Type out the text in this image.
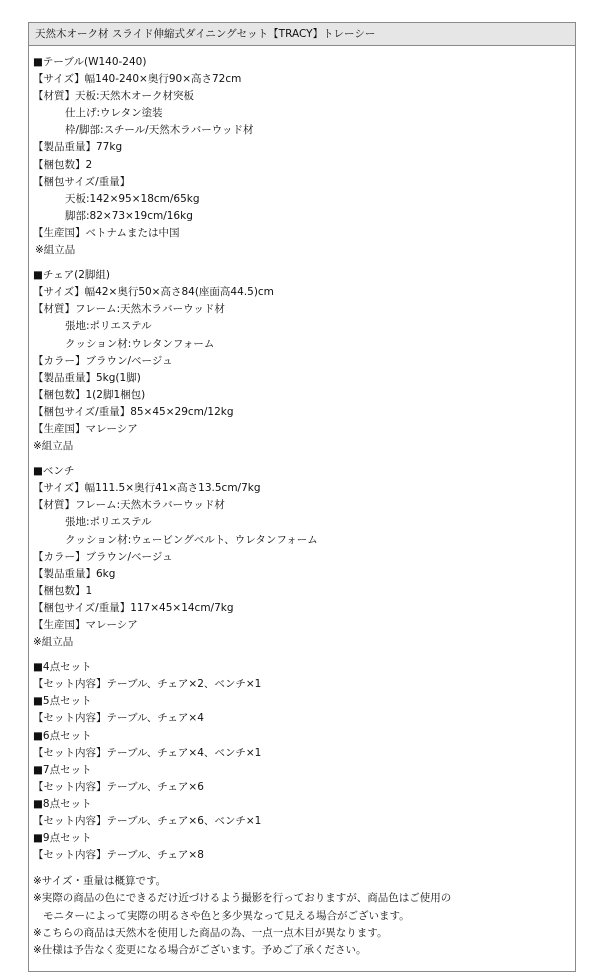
天然木オーク材 スライド伸縮式ダイニングセット【TRACY】トレーシー
■テーブル(W140-240)
【サイズ】幅140-240×奥行90×高さ72cm
【材質】天板:天然木オーク材突板
仕上げ:ウレタン塗装
枠/脚部:スチール/天然木ラバーウッド材
【製品重量】77kg
【梱包数】2
【梱包サイズ/重量】
天板:142×95×18cm/65kg
脚部:82×73×19cm/16kg
【生産国】ベトナムまたは中国
※組立品
■チェア(2脚組)
【サイズ】幅42×奥行50×高さ84(座面高44.5)cm
【材質】フレーム:天然木ラバーウッド材
張地:ポリエステル
クッション材:ウレタンフォーム
【カラー】ブラウン/ベージュ
【製品重量】5kg(1脚)
【梱包数】1(2脚1梱包)
【梱包サイズ/重量】85×45×29cm/12kg
【生産国】マレーシア
※組立品
■ベンチ
【サイズ】幅111.5×奥行41×高さ13.5cm/7kg
【材質】フレーム:天然木ラバーウッド材
張地:ポリエステル
クッション材:ウェービングベルト、ウレタンフォーム
【カラー】ブラウン/ベージュ
【製品重量】6kg
【梱包数】1
【梱包サイズ/重量】117×45×14cm/7kg
【生産国】マレーシア
※組立品
■4点セット
【セット内容】テーブル、チェア×2、ベンチ×1
■5点セット
【セット内容】テーブル、チェア×4
■6点セット
【セット内容】テーブル、チェア×4、ベンチ×1
■7点セット
【セット内容】テーブル、チェア×6
■8点セット
【セット内容】テーブル、チェア×6、ベンチ×1
■9点セット
【セット内容】テーブル、チェア×8
※サイズ・重量は概算です。
※実際の商品の色にできるだけ近づけるよう撮影を行っておりますが、商品色はご使用の
モニターによって実際の明るさや色と多少異なって見える場合がございます。
※こちらの商品は天然木を使用した商品の為、一点一点木目が異なります。
※仕様は予告なく変更になる場合がございます。予めご了承ください。
